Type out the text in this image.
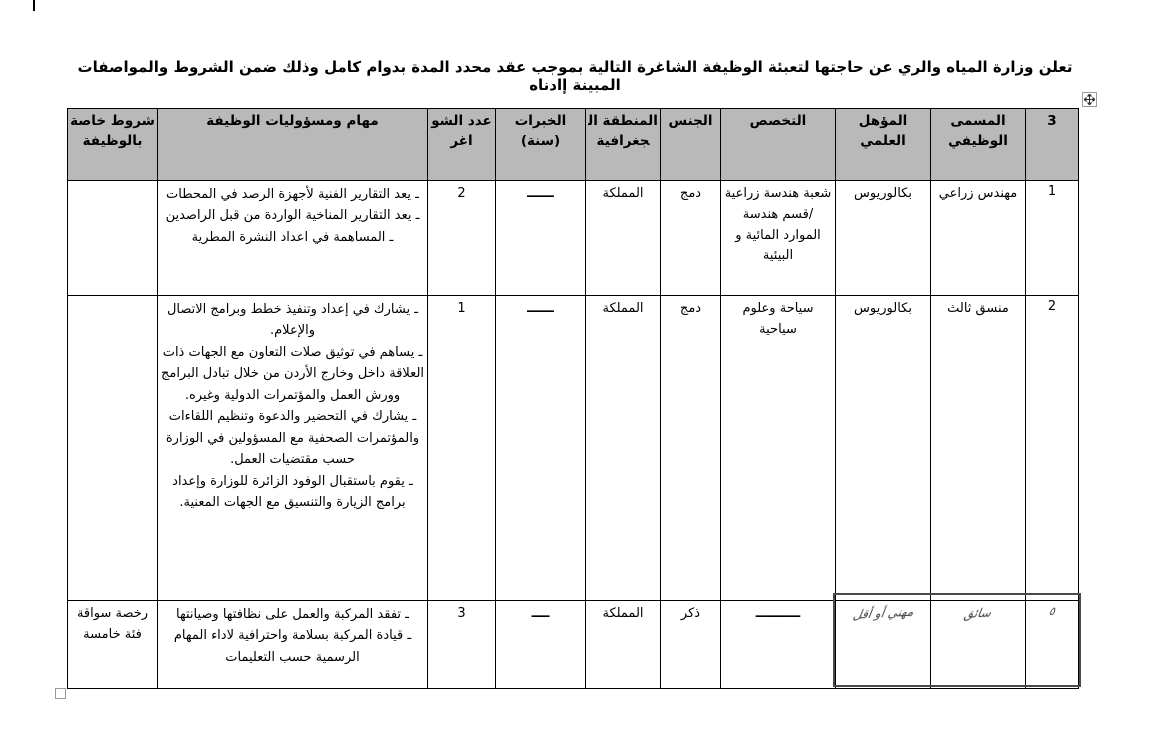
تعلن وزارة المياه والري عن حاجتها لتعبئة الوظيفة الشاغرة التالية بموجب عقد محدد المدة بدوام كامل وذلك ضمن الشروط والمواصفات المبينة إادناه
3	المسمى الوظيفي	المؤهل العلمي	التخصص	الجنس	المنطقة الجغرافية	الخبرات (سنة)	عدد الشواغر	مهام ومسؤوليات الوظيفة	شروط خاصة بالوظيفة
1	مهندس زراعي	بكالوريوس	شعبة هندسة زراعية /قسم هندسة الموارد المائية و البيئية	دمج	المملكة	ــــــ	2	ـ يعد التقارير الفنية لأجهزة الرصد في المحطات
ـ يعد التقارير المناخية الواردة من قبل الراصدين
ـ المساهمة في اعداد النشرة المطرية	

2	منسق ثالث	بكالوريوس	سياحة وعلوم سياحية	دمج	المملكة	ــــــ	1	ـ يشارك في إعداد وتنفيذ خطط وبرامج الاتصال والإعلام.
ـ يساهم في توثيق صلات التعاون مع الجهات ذات العلاقة داخل وخارج الأردن من خلال تبادل البرامج وورش العمل والمؤتمرات الدولية وغيره.
ـ يشارك في التحضير والدعوة وتنظيم اللقاءات والمؤتمرات الصحفية مع المسؤولين في الوزارة حسب مقتضيات العمل.
ـ يقوم باستقبال الوفود الزائرة للوزارة وإعداد برامج الزيارة والتنسيق مع الجهات المعنية.	

٥	سائق	مهني أو أقل	ــــــــــ	ذكر	المملكة	ــــ	3	ـ تفقد المركبة والعمل على نظافتها وصيانتها
ـ قيادة المركبة بسلامة واحترافية لاداء المهام الرسمية حسب التعليمات	رخصة سواقة فئة خامسة
